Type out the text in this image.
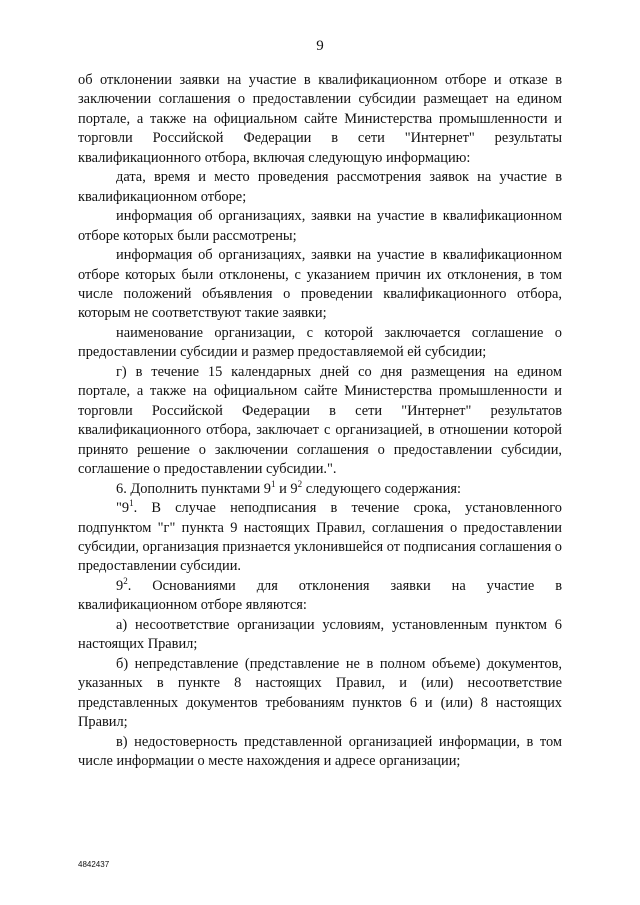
9

об отклонении заявки на участие в квалификационном отборе и отказе в заключении соглашения о предоставлении субсидии размещает на едином портале, а также на официальном сайте Министерства промышленности и торговли Российской Федерации в сети "Интернет" результаты квалификационного отбора, включая следующую информацию:

дата, время и место проведения рассмотрения заявок на участие в квалификационном отборе;

информация об организациях, заявки на участие в квалификационном отборе которых были рассмотрены;

информация об организациях, заявки на участие в квалификационном отборе которых были отклонены, с указанием причин их отклонения, в том числе положений объявления о проведении квалификационного отбора, которым не соответствуют такие заявки;

наименование организации, с которой заключается соглашение о предоставлении субсидии и размер предоставляемой ей субсидии;

г) в течение 15 календарных дней со дня размещения на едином портале, а также на официальном сайте Министерства промышленности и торговли Российской Федерации в сети "Интернет" результатов квалификационного отбора, заключает с организацией, в отношении которой принято решение о заключении соглашения о предоставлении субсидии, соглашение о предоставлении субсидии.".

6. Дополнить пунктами $9^1$ и $9^2$ следующего содержания:

"$9^1$. В случае неподписания в течение срока, установленного подпунктом "г" пункта 9 настоящих Правил, соглашения о предоставлении субсидии, организация признается уклонившейся от подписания соглашения о предоставлении субсидии.

$9^2$. Основаниями для отклонения заявки на участие в квалификационном отборе являются:

а) несоответствие организации условиям, установленным пунктом 6 настоящих Правил;

б) непредставление (представление не в полном объеме) документов, указанных в пункте 8 настоящих Правил, и (или) несоответствие представленных документов требованиям пунктов 6 и (или) 8 настоящих Правил;

в) недостоверность представленной организацией информации, в том числе информации о месте нахождения и адресе организации;

4842437
